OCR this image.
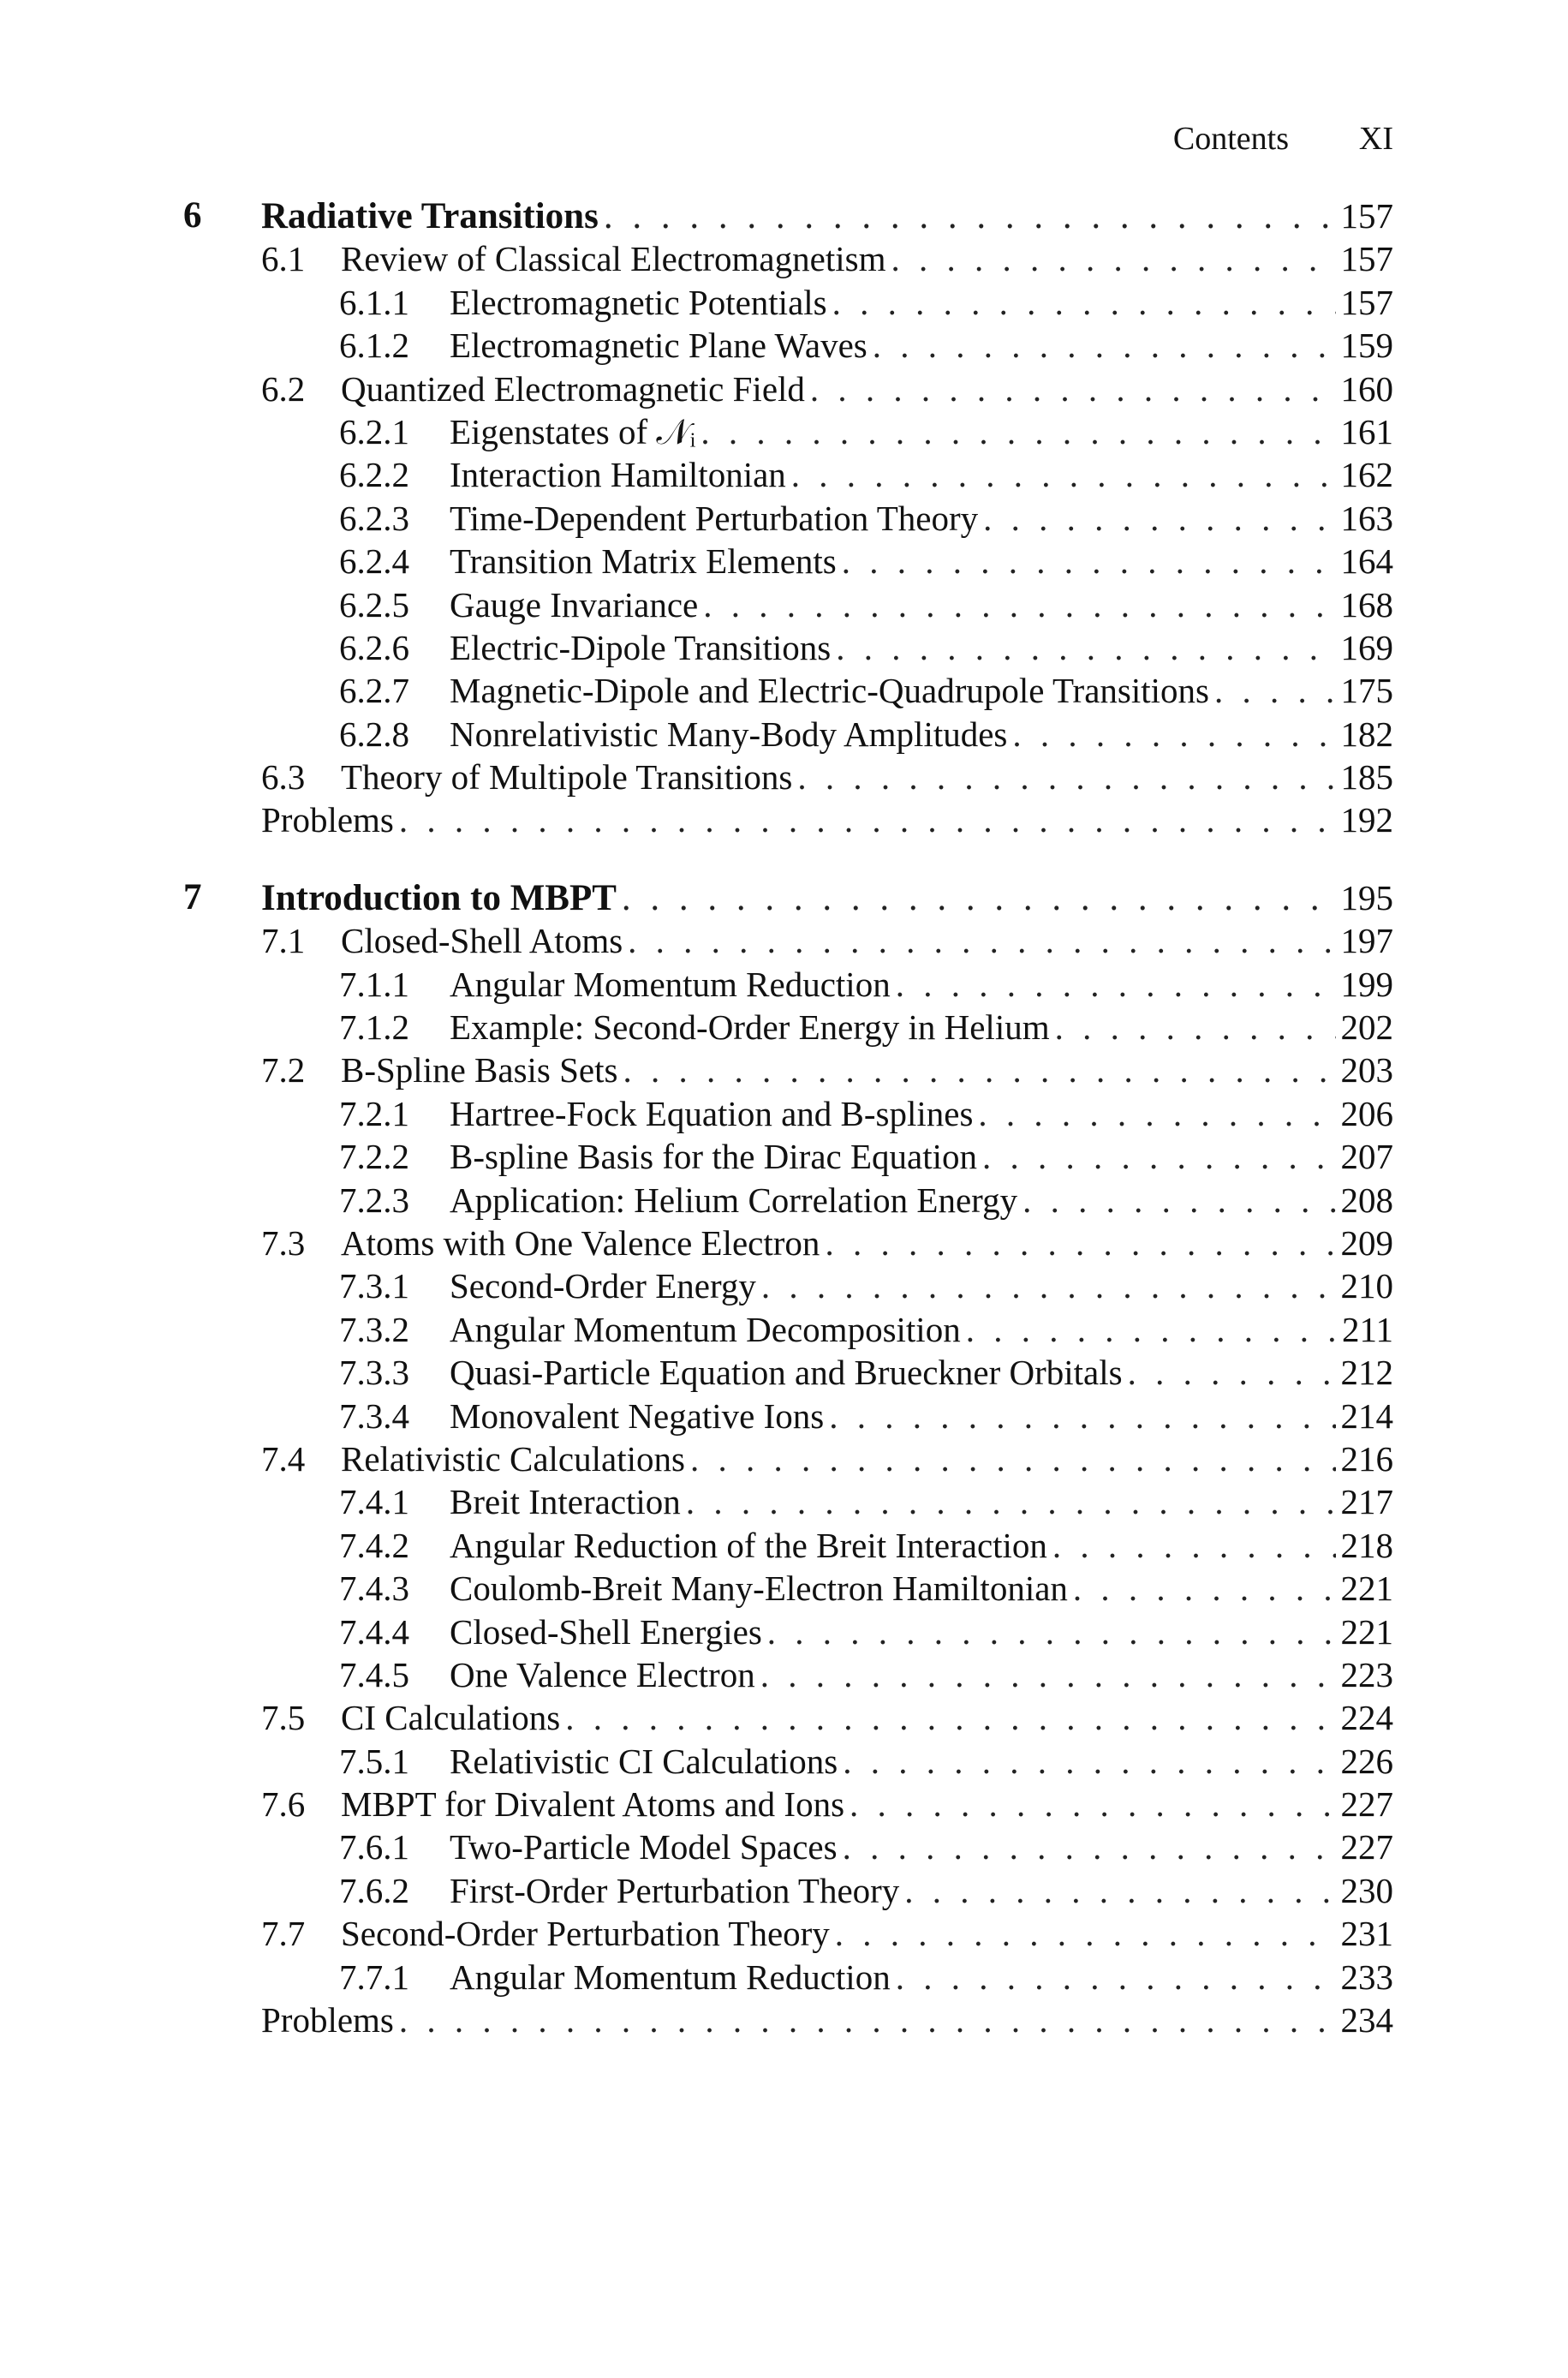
Contents XI
6 Radiative Transitions . . .	157
6.1 Review of Classical Electromagnetism . . .	157
6.1.1 Electromagnetic Potentials . . .	157
6.1.2 Electromagnetic Plane Waves . . .	159
6.2 Quantized Electromagnetic Field . . .	160
6.2.1 Eigenstates of 𝒩ᵢ . . .	161
6.2.2 Interaction Hamiltonian . . .	162
6.2.3 Time-Dependent Perturbation Theory . . .	163
6.2.4 Transition Matrix Elements . . .	164
6.2.5 Gauge Invariance . . .	168
6.2.6 Electric-Dipole Transitions . . .	169
6.2.7 Magnetic-Dipole and Electric-Quadrupole Transitions . . .	175
6.2.8 Nonrelativistic Many-Body Amplitudes . . .	182
6.3 Theory of Multipole Transitions . . .	185
Problems . . .	192
7 Introduction to MBPT . . .	195
7.1 Closed-Shell Atoms . . .	197
7.1.1 Angular Momentum Reduction . . .	199
7.1.2 Example: Second-Order Energy in Helium . . .	202
7.2 B-Spline Basis Sets . . .	203
7.2.1 Hartree-Fock Equation and B-splines . . .	206
7.2.2 B-spline Basis for the Dirac Equation . . .	207
7.2.3 Application: Helium Correlation Energy . . .	208
7.3 Atoms with One Valence Electron . . .	209
7.3.1 Second-Order Energy . . .	210
7.3.2 Angular Momentum Decomposition . . .	211
7.3.3 Quasi-Particle Equation and Brueckner Orbitals . . .	212
7.3.4 Monovalent Negative Ions . . .	214
7.4 Relativistic Calculations . . .	216
7.4.1 Breit Interaction . . .	217
7.4.2 Angular Reduction of the Breit Interaction . . .	218
7.4.3 Coulomb-Breit Many-Electron Hamiltonian . . .	221
7.4.4 Closed-Shell Energies . . .	221
7.4.5 One Valence Electron . . .	223
7.5 CI Calculations . . .	224
7.5.1 Relativistic CI Calculations . . .	226
7.6 MBPT for Divalent Atoms and Ions . . .	227
7.6.1 Two-Particle Model Spaces . . .	227
7.6.2 First-Order Perturbation Theory . . .	230
7.7 Second-Order Perturbation Theory . . .	231
7.7.1 Angular Momentum Reduction . . .	233
Problems . . .	234
